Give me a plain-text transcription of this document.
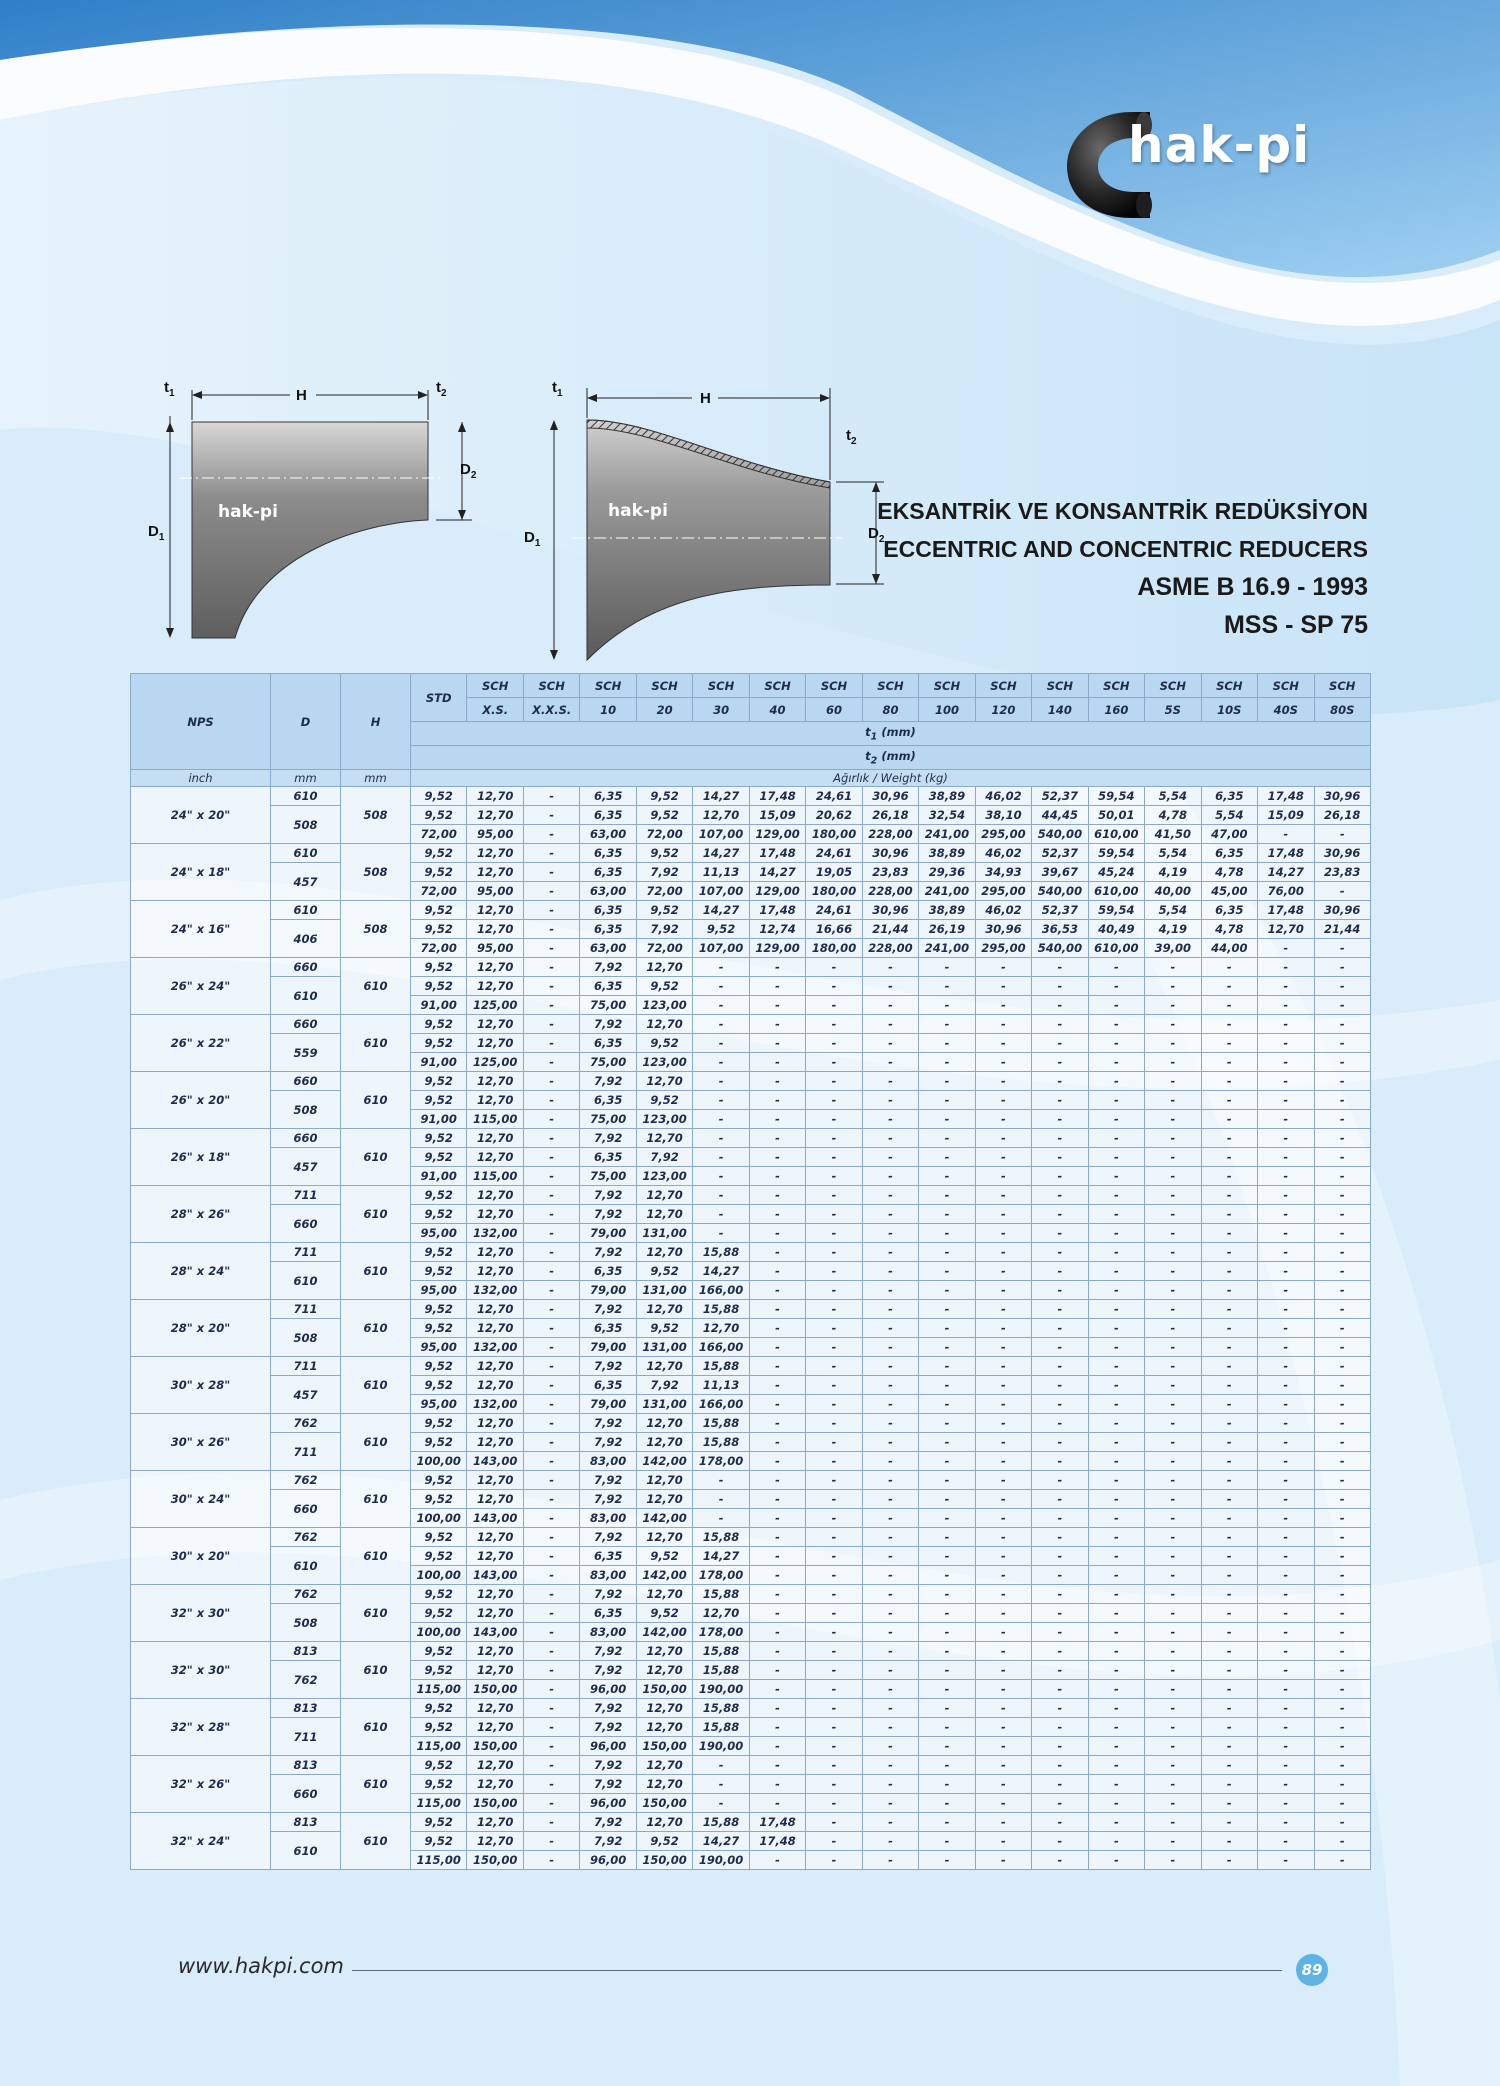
hak-pi
hak-pi
H
$t_1$	$t_2$
$D_1$
$D_2$
hak-pi
H
$t_1$
$t_2$
$D_1$
$D_2$
EKSANTRİK VE KONSANTRİK REDÜKSİYON
ECCENTRIC AND CONCENTRIC REDUCERS
ASME B 16.9 - 1993
MSS - SP 75
NPS	D	H	STD	SCH	SCH	SCH	SCH	SCH	SCH	SCH	SCH	SCH	SCH	SCH	SCH	SCH	SCH	SCH	SCH
				X.S.	X.X.S.	10	20	30	40	60	80	100	120	140	160	5S	10S	40S	80S
			$t_1$ (mm)																
			$t_2$ (mm)																
inch	mm	mm	Ağırlık / Weight (kg)																
24" x 20"	610	508	9,52	12,70	-	6,35	9,52	14,27	17,48	24,61	30,96	38,89	46,02	52,37	59,54	5,54	6,35	17,48	30,96
	508		9,52	12,70	-	6,35	9,52	12,70	15,09	20,62	26,18	32,54	38,10	44,45	50,01	4,78	5,54	15,09	26,18
			72,00	95,00	-	63,00	72,00	107,00	129,00	180,00	228,00	241,00	295,00	540,00	610,00	41,50	47,00	-	-
24" x 18"	610	508	9,52	12,70	-	6,35	9,52	14,27	17,48	24,61	30,96	38,89	46,02	52,37	59,54	5,54	6,35	17,48	30,96
	457		9,52	12,70	-	6,35	7,92	11,13	14,27	19,05	23,83	29,36	34,93	39,67	45,24	4,19	4,78	14,27	23,83
			72,00	95,00	-	63,00	72,00	107,00	129,00	180,00	228,00	241,00	295,00	540,00	610,00	40,00	45,00	76,00	-
24" x 16"	610	508	9,52	12,70	-	6,35	9,52	14,27	17,48	24,61	30,96	38,89	46,02	52,37	59,54	5,54	6,35	17,48	30,96
	406		9,52	12,70	-	6,35	7,92	9,52	12,74	16,66	21,44	26,19	30,96	36,53	40,49	4,19	4,78	12,70	21,44
			72,00	95,00	-	63,00	72,00	107,00	129,00	180,00	228,00	241,00	295,00	540,00	610,00	39,00	44,00	-	-
26" x 24"	660	610	9,52	12,70	-	7,92	12,70	-	-	-	-	-	-	-	-	-	-	-	-
	610		9,52	12,70	-	6,35	9,52	-	-	-	-	-	-	-	-	-	-	-	-
			91,00	125,00	-	75,00	123,00	-	-	-	-	-	-	-	-	-	-	-	-
26" x 22"	660	610	9,52	12,70	-	7,92	12,70	-	-	-	-	-	-	-	-	-	-	-	-
	559		9,52	12,70	-	6,35	9,52	-	-	-	-	-	-	-	-	-	-	-	-
			91,00	125,00	-	75,00	123,00	-	-	-	-	-	-	-	-	-	-	-	-
26" x 20"	660	610	9,52	12,70	-	7,92	12,70	-	-	-	-	-	-	-	-	-	-	-	-
	508		9,52	12,70	-	6,35	9,52	-	-	-	-	-	-	-	-	-	-	-	-
			91,00	115,00	-	75,00	123,00	-	-	-	-	-	-	-	-	-	-	-	-
26" x 18"	660	610	9,52	12,70	-	7,92	12,70	-	-	-	-	-	-	-	-	-	-	-	-
	457		9,52	12,70	-	6,35	7,92	-	-	-	-	-	-	-	-	-	-	-	-
			91,00	115,00	-	75,00	123,00	-	-	-	-	-	-	-	-	-	-	-	-
28" x 26"	711	610	9,52	12,70	-	7,92	12,70	-	-	-	-	-	-	-	-	-	-	-	-
	660		9,52	12,70	-	7,92	12,70	-	-	-	-	-	-	-	-	-	-	-	-
			95,00	132,00	-	79,00	131,00	-	-	-	-	-	-	-	-	-	-	-	-
28" x 24"	711	610	9,52	12,70	-	7,92	12,70	15,88	-	-	-	-	-	-	-	-	-	-	-
	610		9,52	12,70	-	6,35	9,52	14,27	-	-	-	-	-	-	-	-	-	-	-
			95,00	132,00	-	79,00	131,00	166,00	-	-	-	-	-	-	-	-	-	-	-
28" x 20"	711	610	9,52	12,70	-	7,92	12,70	15,88	-	-	-	-	-	-	-	-	-	-	-
	508		9,52	12,70	-	6,35	9,52	12,70	-	-	-	-	-	-	-	-	-	-	-
			95,00	132,00	-	79,00	131,00	166,00	-	-	-	-	-	-	-	-	-	-	-
30" x 28"	711	610	9,52	12,70	-	7,92	12,70	15,88	-	-	-	-	-	-	-	-	-	-	-
	457		9,52	12,70	-	6,35	7,92	11,13	-	-	-	-	-	-	-	-	-	-	-
			95,00	132,00	-	79,00	131,00	166,00	-	-	-	-	-	-	-	-	-	-	-
30" x 26"	762	610	9,52	12,70	-	7,92	12,70	15,88	-	-	-	-	-	-	-	-	-	-	-
	711		9,52	12,70	-	7,92	12,70	15,88	-	-	-	-	-	-	-	-	-	-	-
			100,00	143,00	-	83,00	142,00	178,00	-	-	-	-	-	-	-	-	-	-	-
30" x 24"	762	610	9,52	12,70	-	7,92	12,70	-	-	-	-	-	-	-	-	-	-	-	-
	660		9,52	12,70	-	7,92	12,70	-	-	-	-	-	-	-	-	-	-	-	-
			100,00	143,00	-	83,00	142,00	-	-	-	-	-	-	-	-	-	-	-	-
30" x 20"	762	610	9,52	12,70	-	7,92	12,70	15,88	-	-	-	-	-	-	-	-	-	-	-
	610		9,52	12,70	-	6,35	9,52	14,27	-	-	-	-	-	-	-	-	-	-	-
			100,00	143,00	-	83,00	142,00	178,00	-	-	-	-	-	-	-	-	-	-	-
32" x 30"	762	610	9,52	12,70	-	7,92	12,70	15,88	-	-	-	-	-	-	-	-	-	-	-
	508		9,52	12,70	-	6,35	9,52	12,70	-	-	-	-	-	-	-	-	-	-	-
			100,00	143,00	-	83,00	142,00	178,00	-	-	-	-	-	-	-	-	-	-	-
32" x 30"	813	610	9,52	12,70	-	7,92	12,70	15,88	-	-	-	-	-	-	-	-	-	-	-
	762		9,52	12,70	-	7,92	12,70	15,88	-	-	-	-	-	-	-	-	-	-	-
			115,00	150,00	-	96,00	150,00	190,00	-	-	-	-	-	-	-	-	-	-	-
32" x 28"	813	610	9,52	12,70	-	7,92	12,70	15,88	-	-	-	-	-	-	-	-	-	-	-
	711		9,52	12,70	-	7,92	12,70	15,88	-	-	-	-	-	-	-	-	-	-	-
			115,00	150,00	-	96,00	150,00	190,00	-	-	-	-	-	-	-	-	-	-	-
32" x 26"	813	610	9,52	12,70	-	7,92	12,70	-	-	-	-	-	-	-	-	-	-	-	-
	660		9,52	12,70	-	7,92	12,70	-	-	-	-	-	-	-	-	-	-	-	-
			115,00	150,00	-	96,00	150,00	-	-	-	-	-	-	-	-	-	-	-	-
32" x 24"	813	610	9,52	12,70	-	7,92	12,70	15,88	17,48	-	-	-	-	-	-	-	-	-	-
	610		9,52	12,70	-	7,92	9,52	14,27	17,48	-	-	-	-	-	-	-	-	-	-
			115,00	150,00	-	96,00	150,00	190,00	-	-	-	-	-	-	-	-	-	-	-
www.hakpi.com	89
